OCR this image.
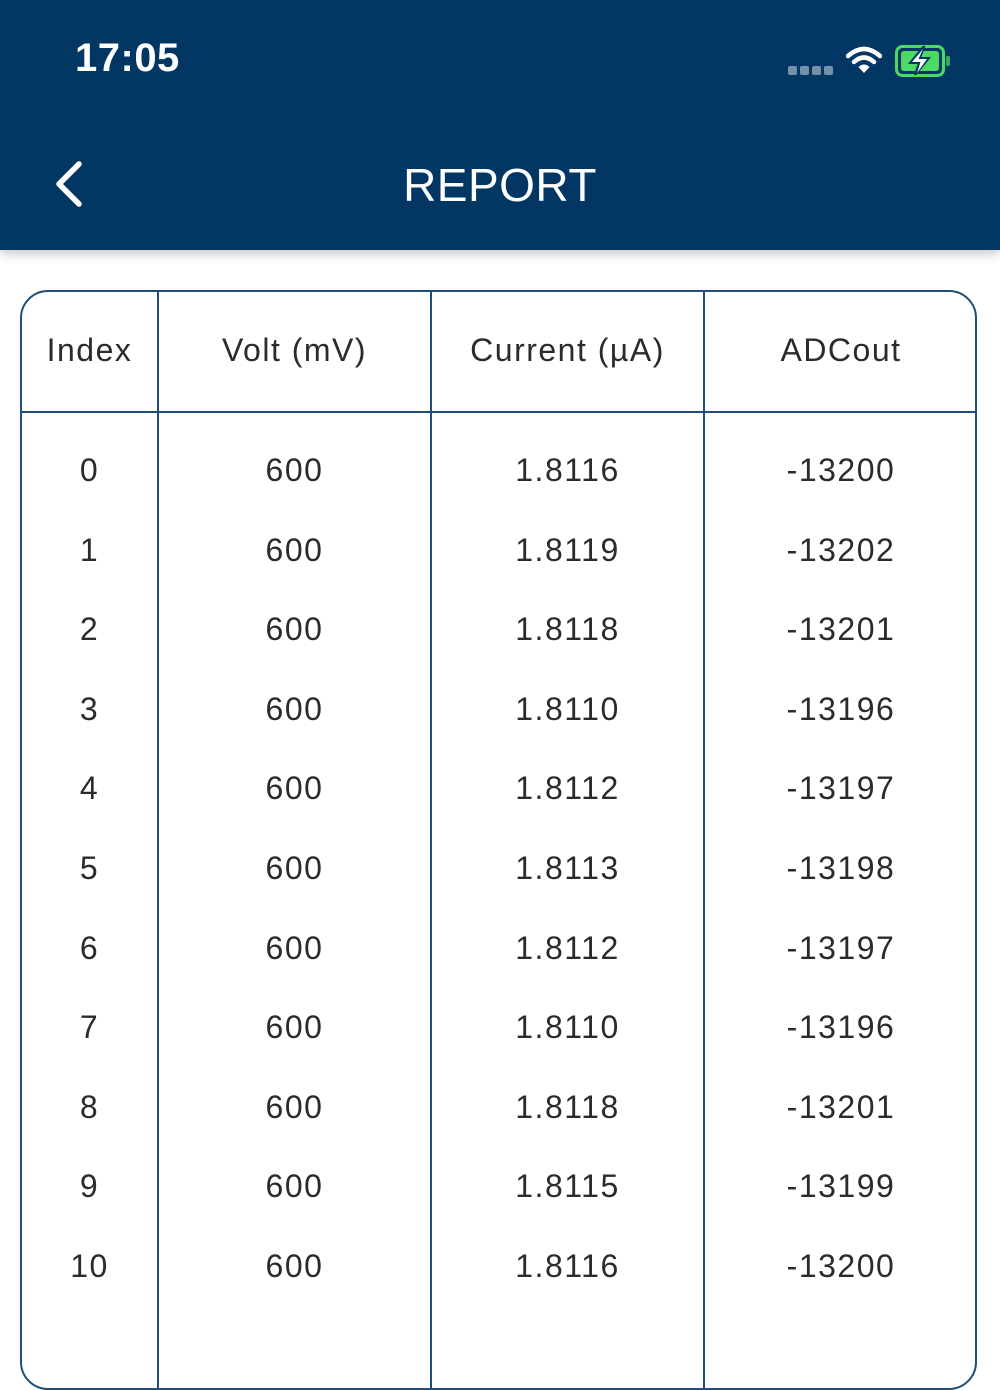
17:05
REPORT
Index	Volt (mV)	Current (µA)	ADCout
0	600	1.8116	-13200
1	600	1.8119	-13202
2	600	1.8118	-13201
3	600	1.8110	-13196
4	600	1.8112	-13197
5	600	1.8113	-13198
6	600	1.8112	-13197
7	600	1.8110	-13196
8	600	1.8118	-13201
9	600	1.8115	-13199
10	600	1.8116	-13200
